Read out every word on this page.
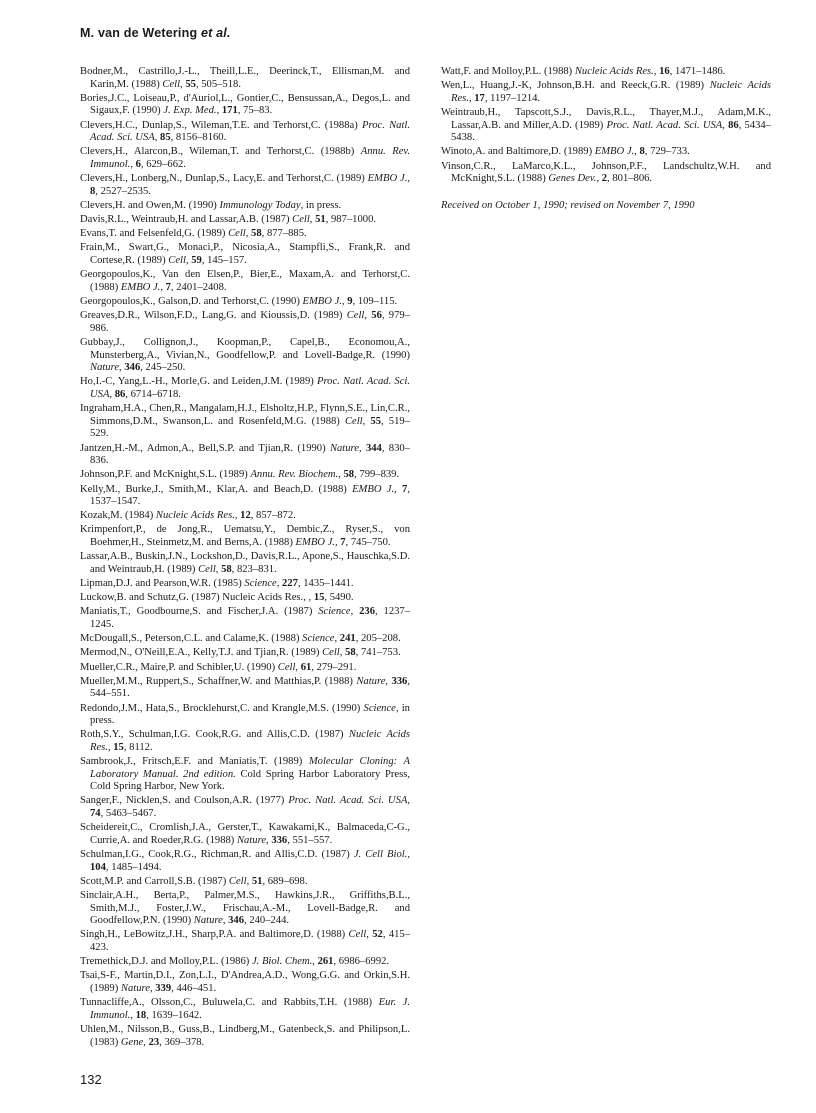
M. van de Wetering et al.

Bodner,M., Castrillo,J.-L., Theill,L.E., Deerinck,T., Ellisman,M. and Karin,M. (1988) Cell, 55, 505–518.

Bories,J.C., Loiseau,P., d'Auriol,L., Gontier,C., Bensussan,A., Degos,L. and Sigaux,F. (1990) J. Exp. Med., 171, 75–83.

Clevers,H.C., Dunlap,S., Wileman,T.E. and Terhorst,C. (1988a) Proc. Natl. Acad. Sci. USA, 85, 8156–8160.

Clevers,H., Alarcon,B., Wileman,T. and Terhorst,C. (1988b) Annu. Rev. Immunol., 6, 629–662.

Clevers,H., Lonberg,N., Dunlap,S., Lacy,E. and Terhorst,C. (1989) EMBO J., 8, 2527–2535.

Clevers,H. and Owen,M. (1990) Immunology Today, in press.

Davis,R.L., Weintraub,H. and Lassar,A.B. (1987) Cell, 51, 987–1000.

Evans,T. and Felsenfeld,G. (1989) Cell, 58, 877–885.

Frain,M., Swart,G., Monaci,P., Nicosia,A., Stampfli,S., Frank,R. and Cortese,R. (1989) Cell, 59, 145–157.

Georgopoulos,K., Van den Elsen,P., Bier,E., Maxam,A. and Terhorst,C. (1988) EMBO J., 7, 2401–2408.

Georgopoulos,K., Galson,D. and Terhorst,C. (1990) EMBO J., 9, 109–115.

Greaves,D.R., Wilson,F.D., Lang,G. and Kioussis,D. (1989) Cell, 56, 979–986.

Gubbay,J., Collignon,J., Koopman,P., Capel,B., Economou,A., Munsterberg,A., Vivian,N., Goodfellow,P. and Lovell-Badge,R. (1990) Nature, 346, 245–250.

Ho,I.-C, Yang,L.-H., Morle,G. and Leiden,J.M. (1989) Proc. Natl. Acad. Sci. USA, 86, 6714–6718.

Ingraham,H.A., Chen,R., Mangalam,H.J., Elsholtz,H.P., Flynn,S.E., Lin,C.R., Simmons,D.M., Swanson,L. and Rosenfeld,M.G. (1988) Cell, 55, 519–529.

Jantzen,H.-M., Admon,A., Bell,S.P. and Tjian,R. (1990) Nature, 344, 830–836.

Johnson,P.F. and McKnight,S.L. (1989) Annu. Rev. Biochem., 58, 799–839.

Kelly,M., Burke,J., Smith,M., Klar,A. and Beach,D. (1988) EMBO J., 7, 1537–1547.

Kozak,M. (1984) Nucleic Acids Res., 12, 857–872.

Krimpenfort,P., de Jong,R., Uematsu,Y., Dembic,Z., Ryser,S., von Boehmer,H., Steinmetz,M. and Berns,A. (1988) EMBO J., 7, 745–750.

Lassar,A.B., Buskin,J.N., Lockshon,D., Davis,R.L., Apone,S., Hauschka,S.D. and Weintraub,H. (1989) Cell, 58, 823–831.

Lipman,D.J. and Pearson,W.R. (1985) Science, 227, 1435–1441.

Luckow,B. and Schutz,G. (1987) Nucleic Acids Res., , 15, 5490.

Maniatis,T., Goodbourne,S. and Fischer,J.A. (1987) Science, 236, 1237–1245.

McDougall,S., Peterson,C.L. and Calame,K. (1988) Science, 241, 205–208.

Mermod,N., O'Neill,E.A., Kelly,T.J. and Tjian,R. (1989) Cell, 58, 741–753.

Mueller,C.R., Maire,P. and Schibler,U. (1990) Cell, 61, 279–291.

Mueller,M.M., Ruppert,S., Schaffner,W. and Matthias,P. (1988) Nature, 336, 544–551.

Redondo,J.M., Hata,S., Brocklehurst,C. and Krangle,M.S. (1990) Science, in press.

Roth,S.Y., Schulman,I.G. Cook,R.G. and Allis,C.D. (1987) Nucleic Acids Res., 15, 8112.

Sambrook,J., Fritsch,E.F. and Maniatis,T. (1989) Molecular Cloning: A Laboratory Manual. 2nd edition. Cold Spring Harbor Laboratory Press, Cold Spring Harbor, New York.

Sanger,F., Nicklen,S. and Coulson,A.R. (1977) Proc. Natl. Acad. Sci. USA, 74, 5463–5467.

Scheidereit,C., Cromlish,J.A., Gerster,T., Kawakami,K., Balmaceda,C-G., Currie,A. and Roeder,R.G. (1988) Nature, 336, 551–557.

Schulman,I.G., Cook,R.G., Richman,R. and Allis,C.D. (1987) J. Cell Biol., 104, 1485–1494.

Scott,M.P. and Carroll,S.B. (1987) Cell, 51, 689–698.

Sinclair,A.H., Berta,P., Palmer,M.S., Hawkins,J.R., Griffiths,B.L., Smith,M.J., Foster,J.W., Frischau,A.-M., Lovell-Badge,R. and Goodfellow,P.N. (1990) Nature, 346, 240–244.

Singh,H., LeBowitz,J.H., Sharp,P.A. and Baltimore,D. (1988) Cell, 52, 415–423.

Tremethick,D.J. and Molloy,P.L. (1986) J. Biol. Chem., 261, 6986–6992.

Tsai,S-F., Martin,D.I., Zon,L.I., D'Andrea,A.D., Wong,G.G. and Orkin,S.H. (1989) Nature, 339, 446–451.

Tunnacliffe,A., Olsson,C., Buluwela,C. and Rabbits,T.H. (1988) Eur. J. Immunol., 18, 1639–1642.

Uhlen,M., Nilsson,B., Guss,B., Lindberg,M., Gatenbeck,S. and Philipson,L. (1983) Gene, 23, 369–378.

Watt,F. and Molloy,P.L. (1988) Nucleic Acids Res., 16, 1471–1486.

Wen,L., Huang,J.-K, Johnson,B.H. and Reeck,G.R. (1989) Nucleic Acids Res., 17, 1197–1214.

Weintraub,H., Tapscott,S.J., Davis,R.L., Thayer,M.J., Adam,M.K., Lassar,A.B. and Miller,A.D. (1989) Proc. Natl. Acad. Sci. USA, 86, 5434–5438.

Winoto,A. and Baltimore,D. (1989) EMBO J., 8, 729–733.

Vinson,C.R., LaMarco,K.L., Johnson,P.F., Landschultz,W.H. and McKnight,S.L. (1988) Genes Dev., 2, 801–806.

Received on October 1, 1990; revised on November 7, 1990

132
